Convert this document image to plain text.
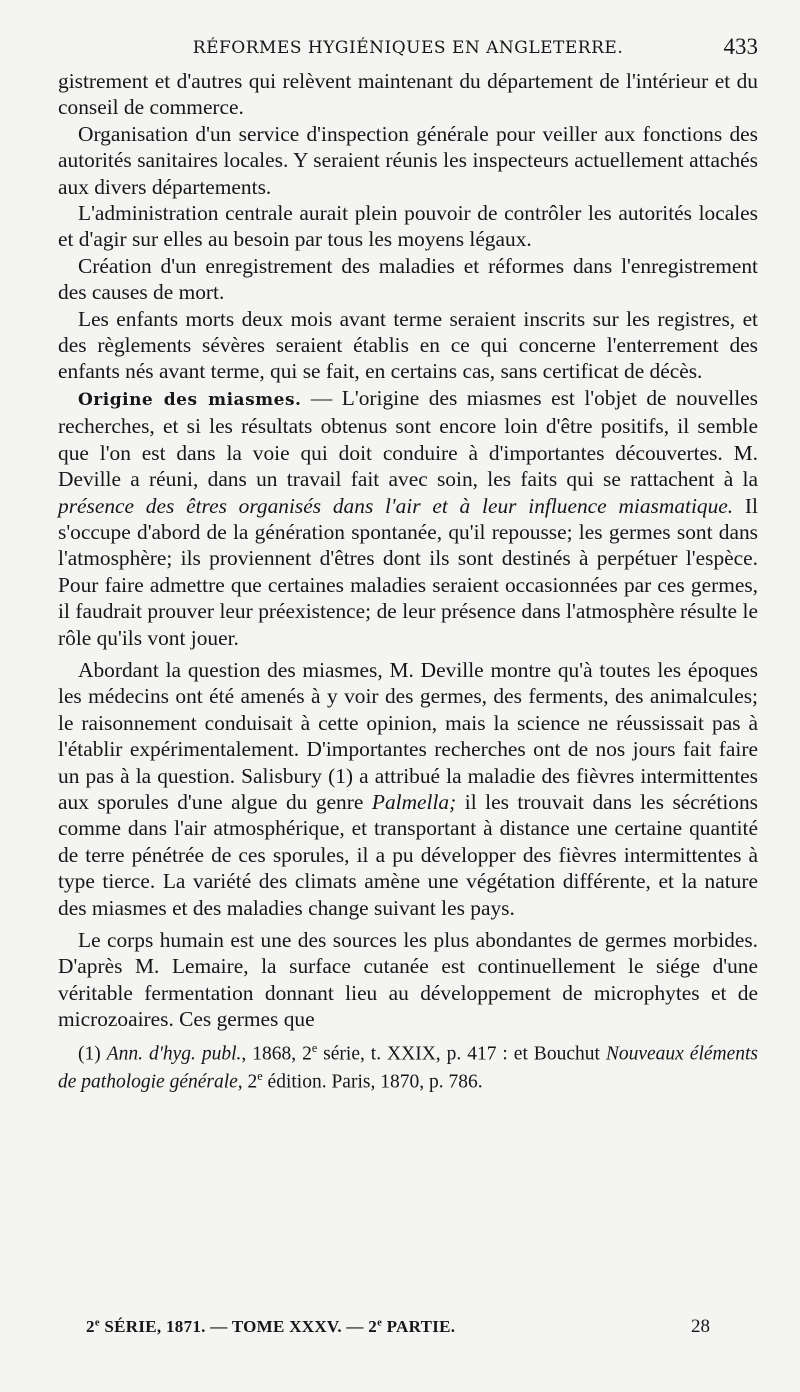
RÉFORMES HYGIÉNIQUES EN ANGLETERRE.	433

gistrement et d'autres qui relèvent maintenant du département de l'intérieur et du conseil de commerce.

Organisation d'un service d'inspection générale pour veiller aux fonctions des autorités sanitaires locales. Y seraient réunis les inspecteurs actuellement attachés aux divers départements.

L'administration centrale aurait plein pouvoir de contrôler les autorités locales et d'agir sur elles au besoin par tous les moyens légaux.

Création d'un enregistrement des maladies et réformes dans l'enregistrement des causes de mort.

Les enfants morts deux mois avant terme seraient inscrits sur les registres, et des règlements sévères seraient établis en ce qui concerne l'enterrement des enfants nés avant terme, qui se fait, en certains cas, sans certificat de décès.

Origine des miasmes. — L'origine des miasmes est l'objet de nouvelles recherches, et si les résultats obtenus sont encore loin d'être positifs, il semble que l'on est dans la voie qui doit conduire à d'importantes découvertes. M. Deville a réuni, dans un travail fait avec soin, les faits qui se rattachent à la présence des êtres organisés dans l'air et à leur influence miasmatique. Il s'occupe d'abord de la génération spontanée, qu'il repousse; les germes sont dans l'atmosphère; ils proviennent d'êtres dont ils sont destinés à perpétuer l'espèce. Pour faire admettre que certaines maladies seraient occasionnées par ces germes, il faudrait prouver leur préexistence; de leur présence dans l'atmosphère résulte le rôle qu'ils vont jouer.

Abordant la question des miasmes, M. Deville montre qu'à toutes les époques les médecins ont été amenés à y voir des germes, des ferments, des animalcules; le raisonnement conduisait à cette opinion, mais la science ne réussissait pas à l'établir expérimentalement. D'importantes recherches ont de nos jours fait faire un pas à la question. Salisbury (1) a attribué la maladie des fièvres intermittentes aux sporules d'une algue du genre Palmella; il les trouvait dans les sécrétions comme dans l'air atmosphérique, et transportant à distance une certaine quantité de terre pénétrée de ces sporules, il a pu développer des fièvres intermittentes à type tierce. La variété des climats amène une végétation différente, et la nature des miasmes et des maladies change suivant les pays.

Le corps humain est une des sources les plus abondantes de germes morbides. D'après M. Lemaire, la surface cutanée est continuellement le siége d'une véritable fermentation donnant lieu au développement de microphytes et de microzoaires. Ces germes que

(1) Ann. d'hyg. publ., 1868, 2e série, t. XXIX, p. 417 : et Bouchut Nouveaux éléments de pathologie générale, 2e édition. Paris, 1870, p. 786.
2e SÉRIE, 1871. — TOME XXXV. — 2e PARTIE.	28
